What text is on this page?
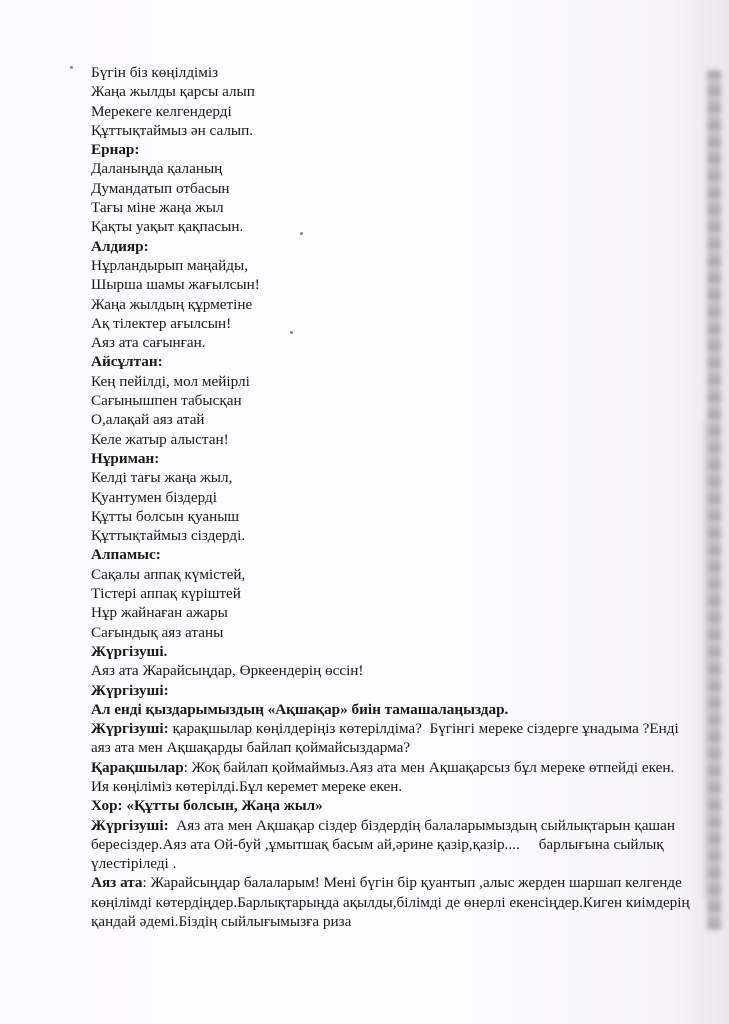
Бүгін біз көңілдіміз
Жаңа жылды қарсы алып
Мерекеге келгендерді
Құттықтаймыз ән салып.
Ернар:
Даланыңда қаланың
Думандатып отбасын
Тағы міне жаңа жыл
Қақты уақыт қақпасын.
Алдияр:
Нұрландырып маңайды,
Шырша шамы жағылсын!
Жаңа жылдың құрметіне
Ақ тілектер ағылсын!
Аяз ата сағынған.
Айсұлтан:
Кең пейілді, мол мейірлі
Сағынышпен табысқан
О,алақай аяз атай
Келе жатыр алыстан!
Нұриман:
Келді тағы жаңа жыл,
Қуантумен біздерді
Құтты болсын қуаныш
Құттықтаймыз сіздерді.
Алпамыс:
Сақалы аппақ күмістей,
Тістері аппақ күріштей
Нұр жайнаған ажары
Сағындық аяз атаны
Жүргізуші.
Аяз ата Жарайсыңдар, Өркеендерің өссін!
Жүргізуші:
Ал енді қыздарымыздың «Ақшақар» биін тамашалаңыздар.
Жүргізуші: қарақшылар көңілдеріңіз көтерілдіма?  Бүгінгі мереке сіздерге ұнадыма ?Енді аяз ата мен Ақшақарды байлап қоймайсыздарма?
Қарақшылар: Жоқ байлап қоймаймыз.Аяз ата мен Ақшақарсыз бұл мереке өтпейді екен. Ия көңіліміз көтерілді.Бұл керемет мереке екен.
Хор: «Құтты болсын, Жаңа жыл»
Жүргізуші:  Аяз ата мен Ақшақар сіздер біздердің балаларымыздың сыйлықтарын қашан бересіздер.Аяз ата Ой-буй ,ұмытшақ басым ай,әрине қазір,қазір....     барлығына сыйлық  үлестіріледі .
Аяз ата: Жарайсыңдар балаларым! Мені бүгін бір қуантып ,алыс жерден шаршап келгенде көңілімді көтердіңдер.Барлықтарыңда ақылды,білімді де өнерлі екенсіңдер.Киген киімдерің қандай әдемі.Біздің сыйлығымызға риза
